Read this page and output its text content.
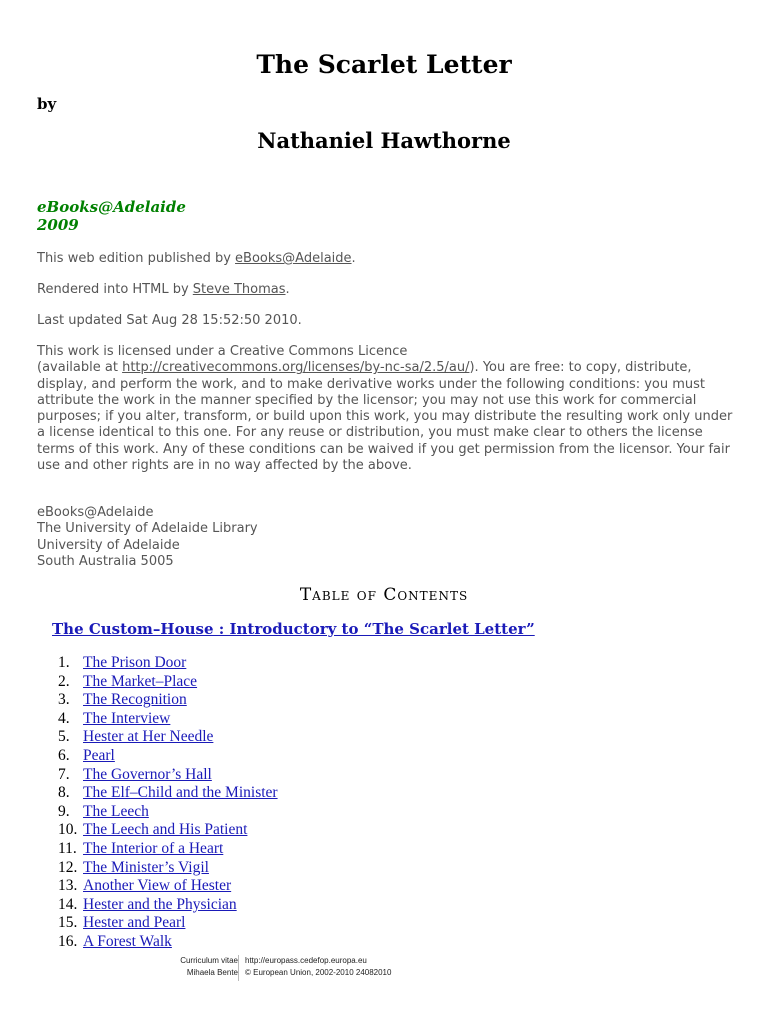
The Scarlet Letter
by
Nathaniel Hawthorne
eBooks@Adelaide
2009

This web edition published by eBooks@Adelaide.

Rendered into HTML by Steve Thomas.

Last updated Sat Aug 28 15:52:50 2010.

This work is licensed under a Creative Commons Licence
(available at http://creativecommons.org/licenses/by-nc-sa/2.5/au/). You are free: to copy, distribute, display, and perform the work, and to make derivative works under the following conditions: you must attribute the work in the manner specified by the licensor; you may not use this work for commercial purposes; if you alter, transform, or build upon this work, you may distribute the resulting work only under a license identical to this one. For any reuse or distribution, you must make clear to others the license terms of this work. Any of these conditions can be waived if you get permission from the licensor. Your fair use and other rights are in no way affected by the above.

eBooks@Adelaide
The University of Adelaide Library
University of Adelaide
South Australia 5005

Table of Contents
The Custom–House : Introductory to “The Scarlet Letter”
1. The Prison Door
2. The Market–Place
3. The Recognition
4. The Interview
5. Hester at Her Needle
6. Pearl
7. The Governor’s Hall
8. The Elf–Child and the Minister
9. The Leech
10. The Leech and His Patient
11. The Interior of a Heart
12. The Minister’s Vigil
13. Another View of Hester
14. Hester and the Physician
15. Hester and Pearl
16. A Forest Walk
Curriculum vitae
Mihaela Bente
http://europass.cedefop.europa.eu
© European Union, 2002-2010 24082010
